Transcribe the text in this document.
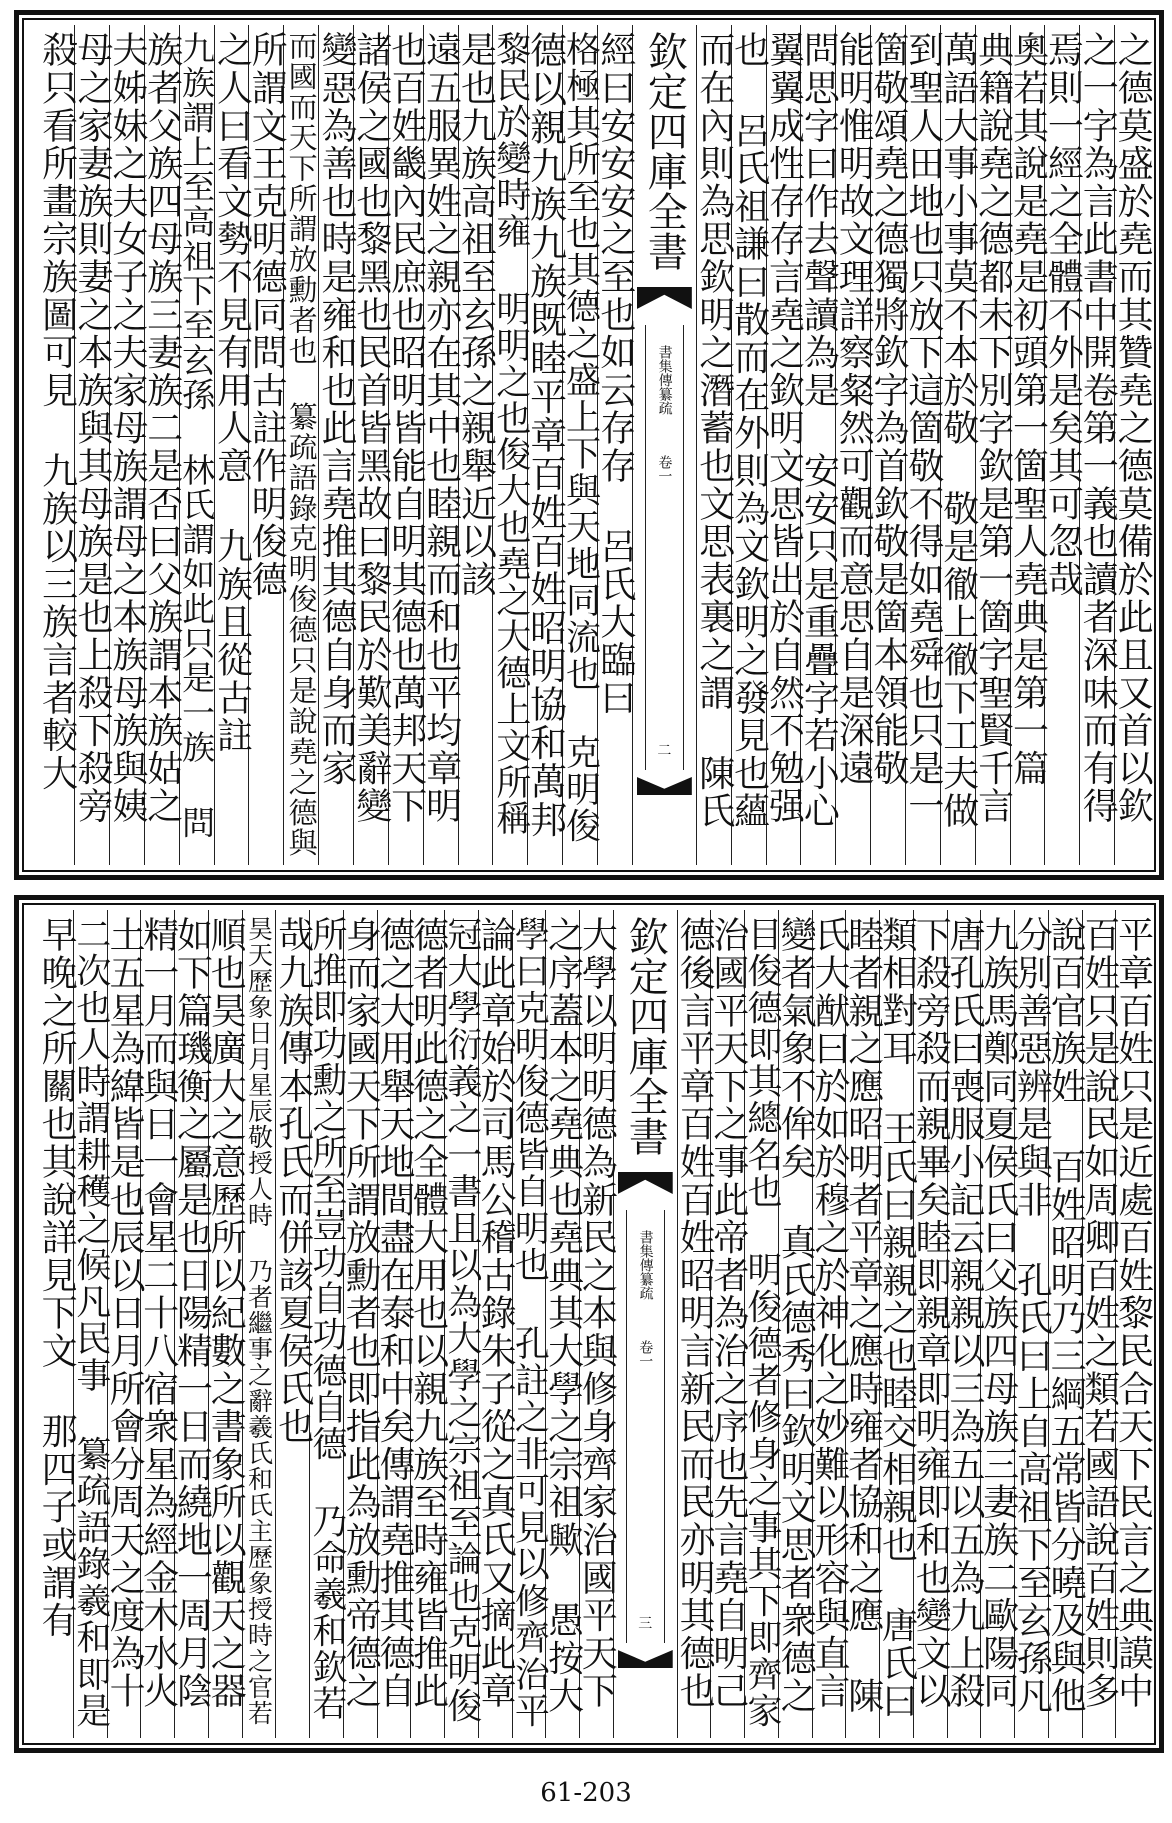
之德莫盛於堯而其贊堯之德莫備於此且又首以欽
之一字為言此書中開卷第一義也讀者深味而有得
焉則一經之全體不外是矣其可忽哉
奧若其說是堯是初頭第一箇聖人堯典是第一篇
典籍說堯之德都未下別字欽是第一箇字聖賢千言
萬語大事小事莫不本於敬 敬是徹上徹下工夫做
到聖人田地也只放下這箇敬不得如堯舜也只是一
箇敬頌堯之德獨將欽字為首欽敬是箇本領能敬
能明惟明故文理詳察粲然可觀而意思自是深遠
問思字曰作去聲讀為是 安安只是重疊字若小心
翼翼成性存存言堯之欽明文思皆出於自然不勉强
也 呂氏祖謙曰散而在外則為文欽明之發見也蘊
而在內則為思欽明之潛蓄也文思表裏之謂 陳氏
欽定四庫全書
書集傳纂疏
卷一
二
經曰安安安之至也如云存存 呂氏大臨曰
格極其所至也其德之盛上下與天地同流也 克明俊
德以親九族九族既睦平章百姓百姓昭明協和萬邦
黎民於變時雍 明明之也俊大也堯之大德上文所稱
是也九族高祖至玄孫之親舉近以該
遠五服異姓之親亦在其中也睦親而和也平均章明
也百姓畿內民庶也昭明皆能自明其德也萬邦天下
諸侯之國也黎黑也民首皆黑故曰黎民於歎美辭變
變惡為善也時是雍和也此言堯推其德自身而家
而國而天下所謂放勳者也 纂疏語錄克明俊德只是說堯之德與
所謂文王克明德同問古註作明俊德
之人曰看文勢不見有用人意 九族且從古註
九族謂上至高祖下至玄孫 林氏謂如此只是一族 問
族者父族四母族三妻族二是否曰父族謂本族姑之
夫姊妹之夫女子之夫家母族謂母之本族母族與姨
母之家妻族則妻之本族與其母族是也上殺下殺旁
殺只看所畫宗族圖可見 九族以三族言者較大
平章百姓只是近處百姓黎民合天下民言之典謨中
百姓只是說民如周卿百姓之類若國語說百姓則多
說百官族姓 百姓昭明乃三綱五常皆分曉及與他
分別善惡辨是與非 孔氏曰上自高祖下至玄孫凡
九族馬鄭同夏侯氏曰父族四母族三妻族二歐陽同
唐孔氏曰喪服小記云親親以三為五以五為九上殺
下殺旁殺而親畢矣睦即親章即明雍即和也變文以
類相對耳 王氏曰親親之也睦交相親也 唐氏曰
睦者親之應昭明者平章之應時雍者協和之應 陳
氏大猷曰於如於穆之於神化之妙難以形容與直言
變者氣象不侔矣 真氏德秀曰欽明文思者衆德之
目俊德即其總名也 明俊德者修身之事其下即齊家
治國平天下之事此帝者為治之序也先言堯自明己
德後言平章百姓百姓昭明言新民而民亦明其德也
欽定四庫全書
書集傳纂疏
卷一
三
大學以明明德為新民之本與修身齊家治國平天下
之序蓋本之堯典也堯典其大學之宗祖歟 愚按大
學曰克明俊德皆自明也 孔註之非可見以修齊治平
論此章始於司馬公稽古錄朱子從之真氏又摘此章
冠大學衍義之一書且以為大學之宗祖至論也克明俊
德者明此德之全體大用也以親九族至時雍皆推此
德之大用舉天地間盡在泰和中矣傳謂堯推其德自
身而家國天下所謂放勳者也即指此為放勳帝德之
所推即功勳之所至豈功自功德自德 乃命羲和欽若
哉九族傳本孔氏而併該夏侯氏也
昊天歷象日月星辰敬授人時 乃者繼事之辭羲氏和氏主歷象授時之官若
順也昊廣大之意歷所以紀數之書象所以觀天之器
如下篇璣衡之屬是也日陽精一日而繞地一周月陰
精一月而與日一會星二十八宿衆星為經金木水火
土五星為緯皆是也辰以日月所會分周天之度為十
二次也人時謂耕穫之候凡民事 纂疏語錄羲和即是
早晚之所關也其說詳見下文 那四子或謂有
61-203
